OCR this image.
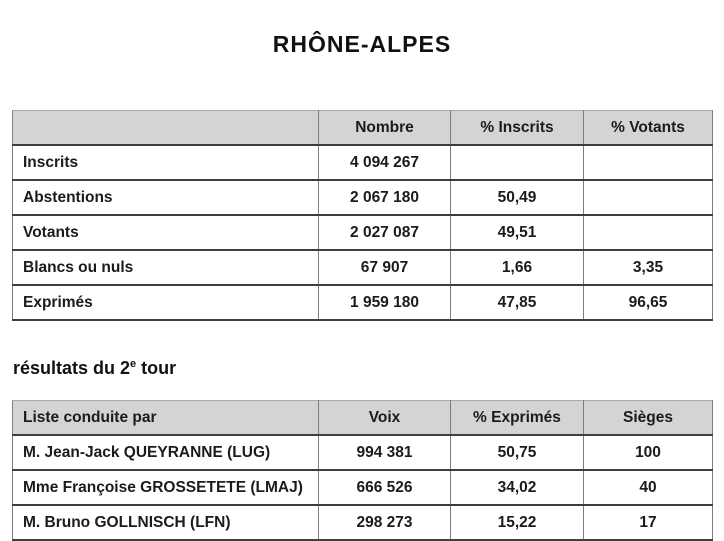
RHÔNE-ALPES
	Nombre	% Inscrits	% Votants
Inscrits	4 094 267		
Abstentions	2 067 180	50,49	
Votants	2 027 087	49,51	
Blancs ou nuls	67 907	1,66	3,35
Exprimés	1 959 180	47,85	96,65
résultats du 2e tour
Liste conduite par	Voix	% Exprimés	Sièges
M. Jean-Jack QUEYRANNE (LUG)	994 381	50,75	100
Mme Françoise GROSSETETE (LMAJ)	666 526	34,02	40
M. Bruno GOLLNISCH (LFN)	298 273	15,22	17
